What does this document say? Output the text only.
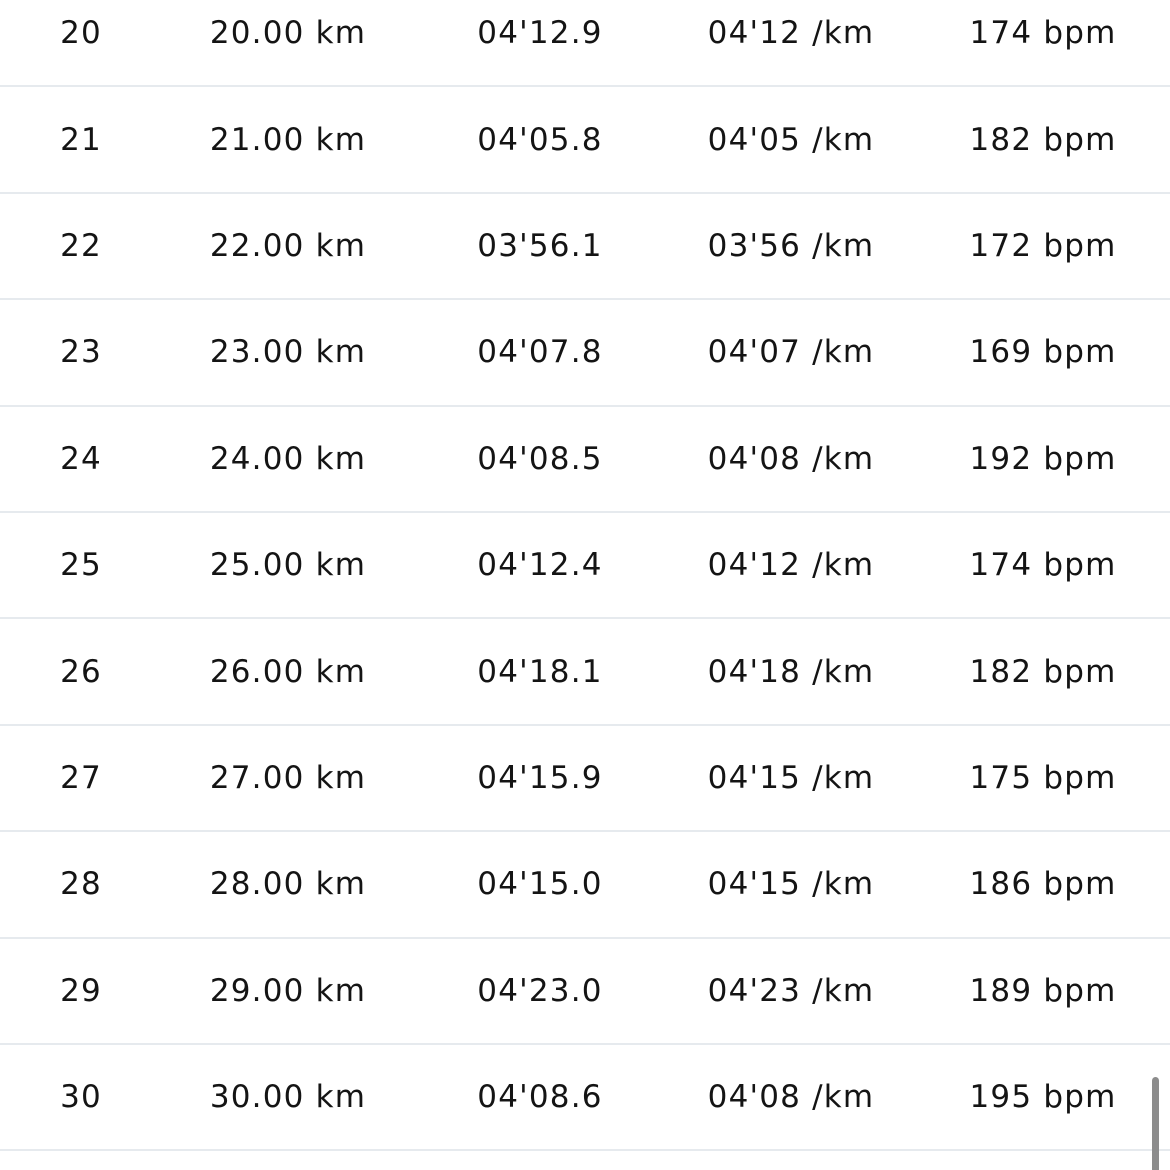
20	20.00 km	04'12.9	04'12 /km	174 bpm
21	21.00 km	04'05.8	04'05 /km	182 bpm
22	22.00 km	03'56.1	03'56 /km	172 bpm
23	23.00 km	04'07.8	04'07 /km	169 bpm
24	24.00 km	04'08.5	04'08 /km	192 bpm
25	25.00 km	04'12.4	04'12 /km	174 bpm
26	26.00 km	04'18.1	04'18 /km	182 bpm
27	27.00 km	04'15.9	04'15 /km	175 bpm
28	28.00 km	04'15.0	04'15 /km	186 bpm
29	29.00 km	04'23.0	04'23 /km	189 bpm
30	30.00 km	04'08.6	04'08 /km	195 bpm
